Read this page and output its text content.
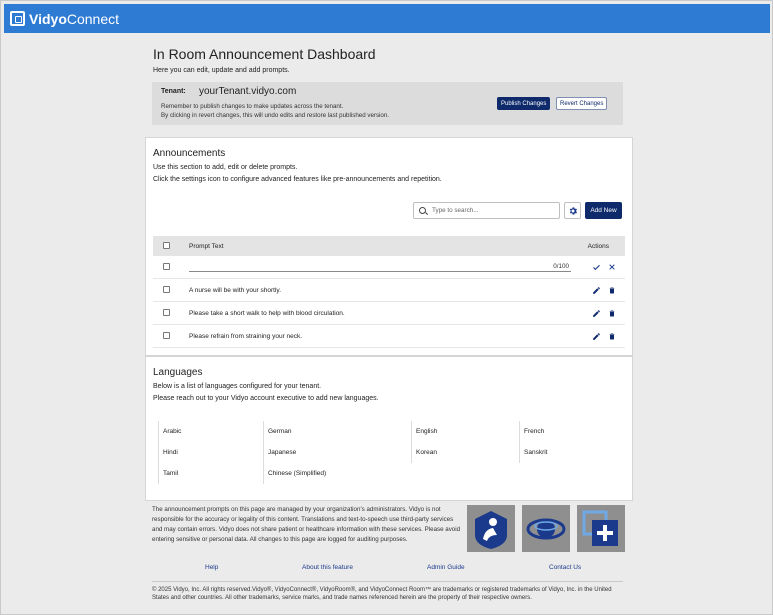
VidyoConnect
In Room Announcement Dashboard
Here you can edit, update and add prompts.
Tenant: yourTenant.vidyo.com
Remember to publish changes to make updates across the tenant.
By clicking in revert changes, this will undo edits and restore last published version.
Publish Changes	Revert Changes
Announcements
Use this section to add, edit or delete prompts.
Click the settings icon to configure advanced features like pre-announcements and repetition.
Type to search...
Add New
Prompt Text	Actions
0/100
A nurse will be with your shortly.
Please take a short walk to help with blood circulation.
Please refrain from straining your neck.
Languages
Below is a list of languages configured for your tenant.
Please reach out to your Vidyo account executive to add new languages.
Arabic	German	English	French
Hindi	Japanese	Korean	Sanskrit
Tamil	Chinese (Simplified)
The announcement prompts on this page are managed by your organization's administrators. Vidyo is not responsible for the accuracy or legality of this content. Translations and text-to-speech use third-party services and may contain errors. Vidyo does not share patient or healthcare information with these services. Please avoid entering sensitive or personal data. All changes to this page are logged for auditing purposes.
Help	About this feature	Admin Guide	Contact Us
© 2025 Vidyo, Inc. All rights reserved.Vidyo®, VidyoConnect®, VidyoRoom®, and VidyoConnect Room™ are trademarks or registered trademarks of Vidyo, Inc. in the United States and other countries. All other trademarks, service marks, and trade names referenced herein are the property of their respective owners.
